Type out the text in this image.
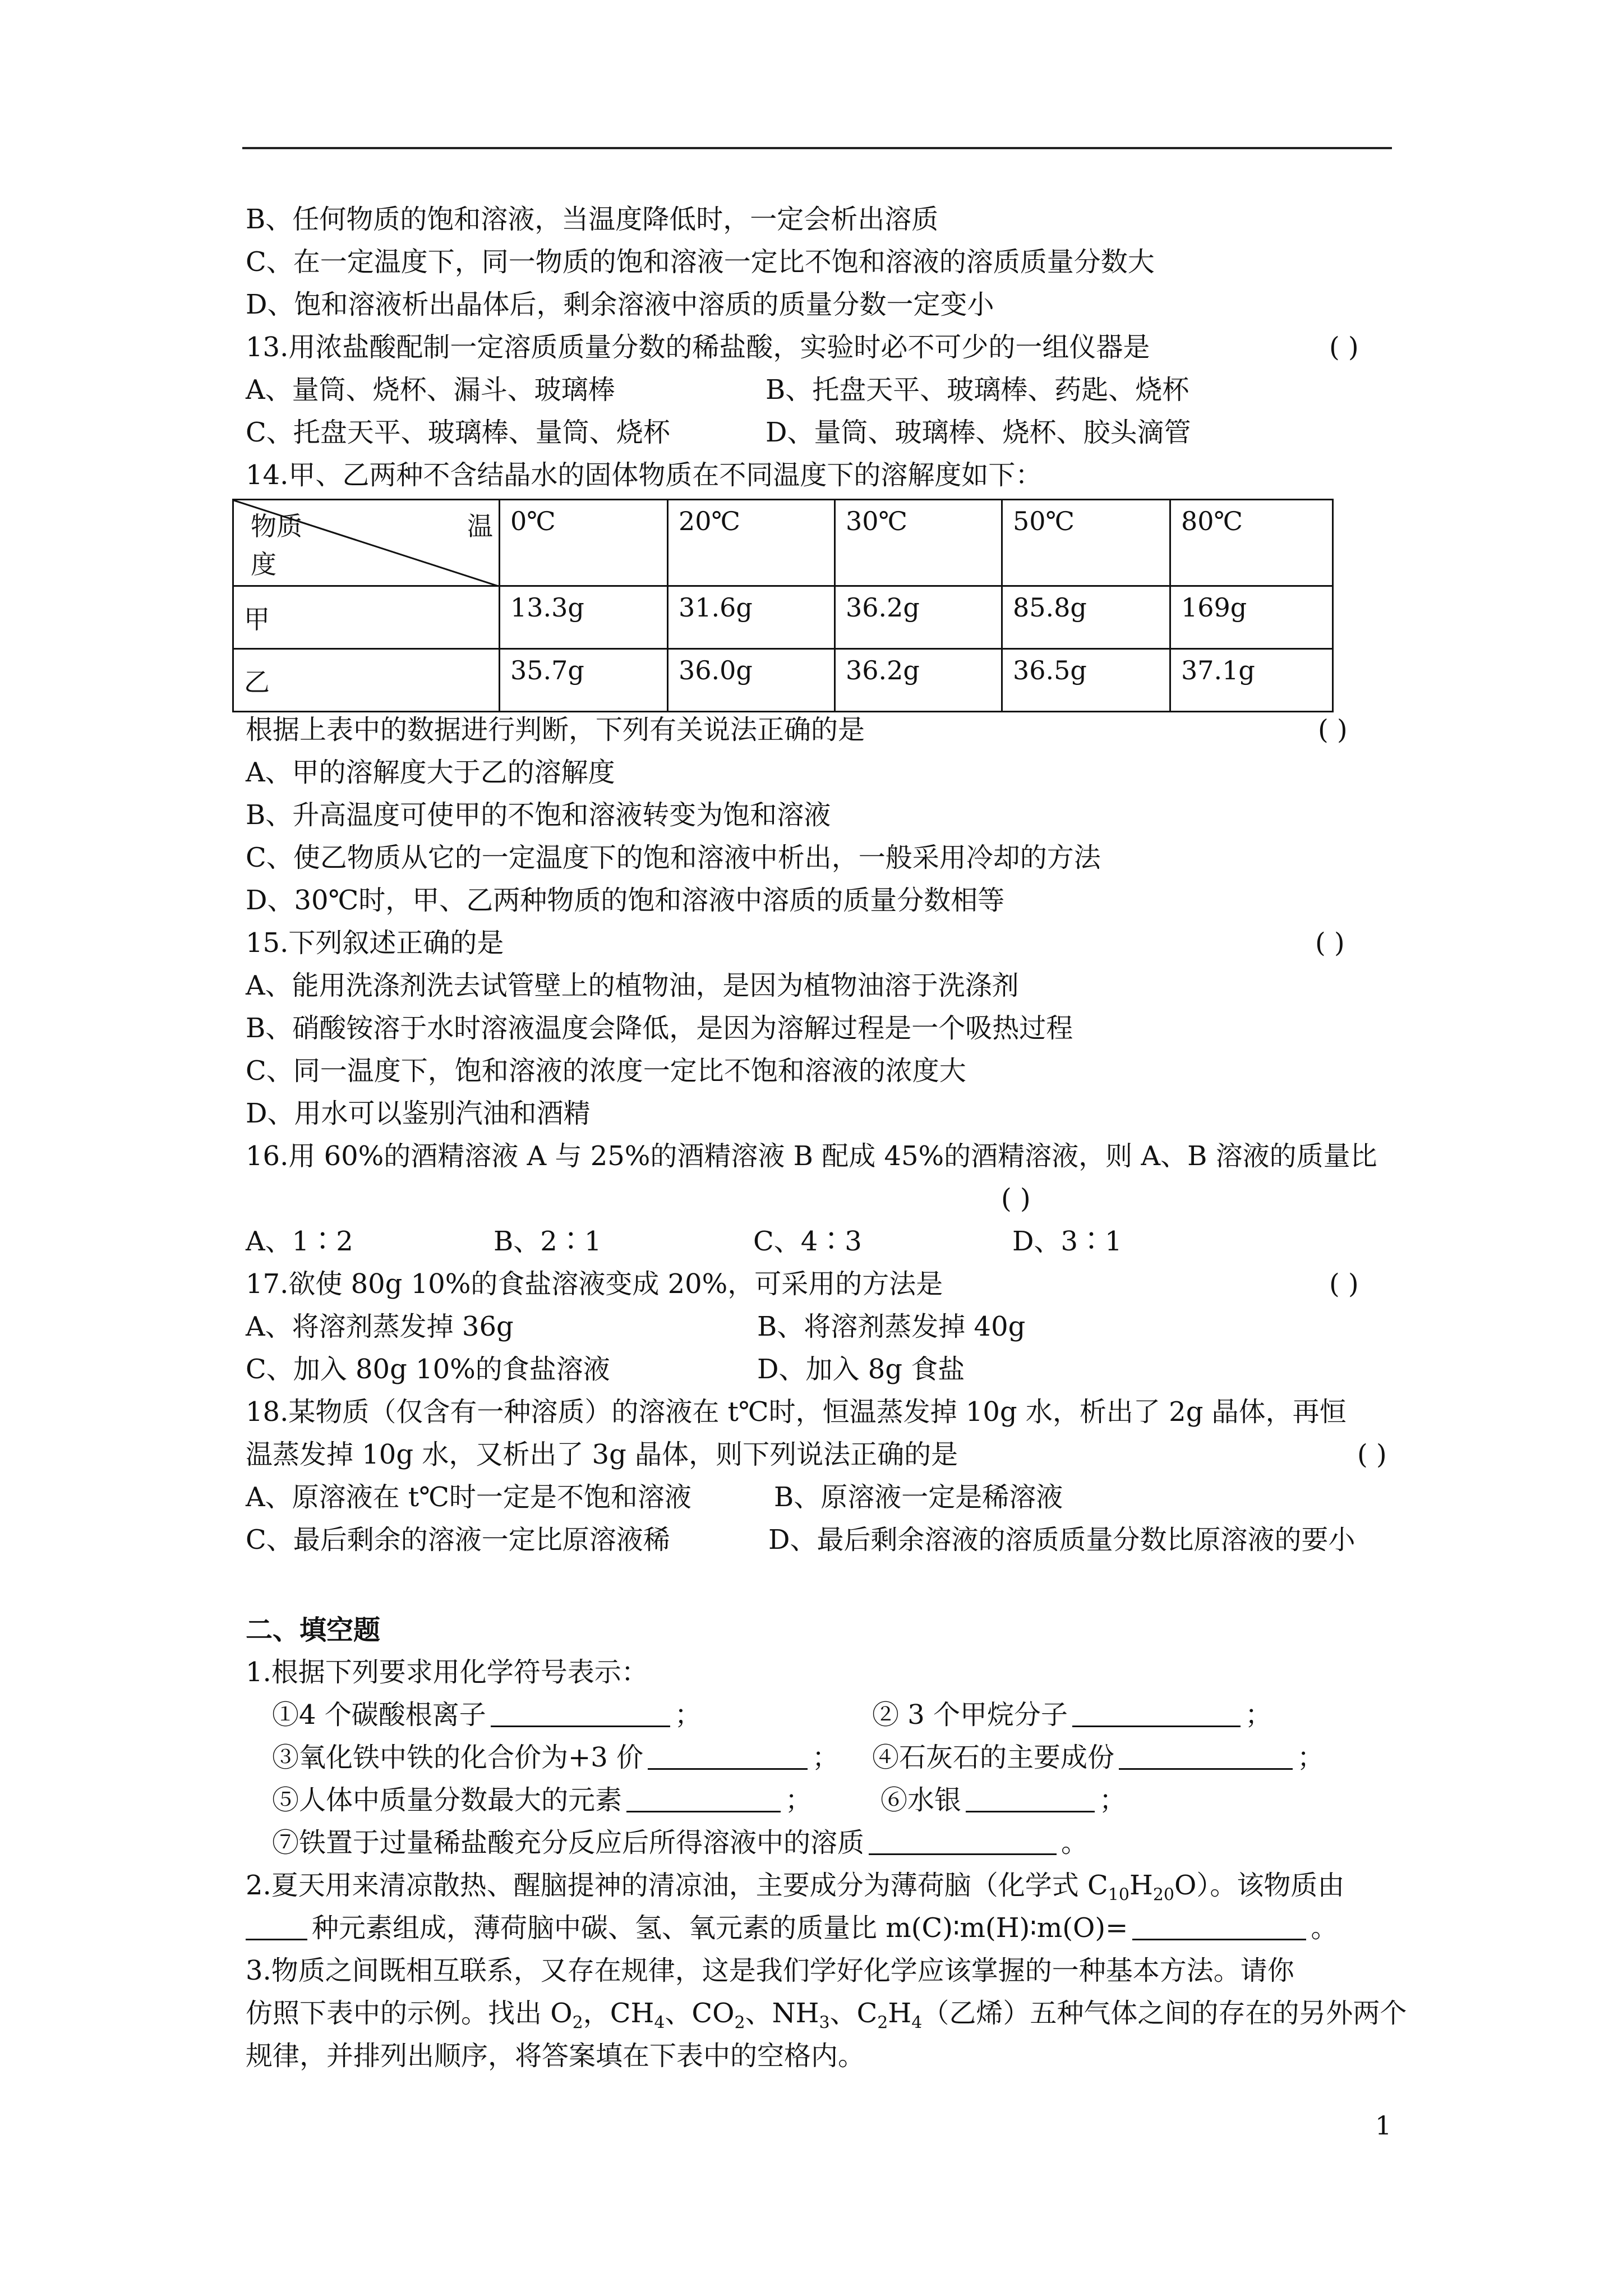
B、任何物质的饱和溶液，当温度降低时，一定会析出溶质
C、在一定温度下，同一物质的饱和溶液一定比不饱和溶液的溶质质量分数大
D、饱和溶液析出晶体后，剩余溶液中溶质的质量分数一定变小
13.用浓盐酸配制一定溶质质量分数的稀盐酸，实验时必不可少的一组仪器是	( )
A、量筒、烧杯、漏斗、玻璃棒	B、托盘天平、玻璃棒、药匙、烧杯
C、托盘天平、玻璃棒、量筒、烧杯	D、量筒、玻璃棒、烧杯、胶头滴管
14.甲、乙两种不含结晶水的固体物质在不同温度下的溶解度如下：
物质 温
度	0℃	20℃	30℃	50℃	80℃
甲	13.3g	31.6g	36.2g	85.8g	169g
乙	35.7g	36.0g	36.2g	36.5g	37.1g
根据上表中的数据进行判断，下列有关说法正确的是	( )
A、甲的溶解度大于乙的溶解度
B、升高温度可使甲的不饱和溶液转变为饱和溶液
C、使乙物质从它的一定温度下的饱和溶液中析出，一般采用冷却的方法
D、30℃时，甲、乙两种物质的饱和溶液中溶质的质量分数相等
15.下列叙述正确的是	( )
A、能用洗涤剂洗去试管壁上的植物油，是因为植物油溶于洗涤剂
B、硝酸铵溶于水时溶液温度会降低，是因为溶解过程是一个吸热过程
C、同一温度下，饱和溶液的浓度一定比不饱和溶液的浓度大
D、用水可以鉴别汽油和酒精
16.用 60%的酒精溶液 A 与 25%的酒精溶液 B 配成 45%的酒精溶液，则 A、B 溶液的质量比
( )
A、1∶2	B、2∶1	C、4∶3	D、3∶1
17.欲使 80g 10%的食盐溶液变成 20%，可采用的方法是	( )
A、将溶剂蒸发掉 36g	B、将溶剂蒸发掉 40g
C、加入 80g 10%的食盐溶液	D、加入 8g 食盐
18.某物质（仅含有一种溶质）的溶液在 t℃时，恒温蒸发掉 10g 水，析出了 2g 晶体，再恒
温蒸发掉 10g 水，又析出了 3g 晶体，则下列说法正确的是	( )
A、原溶液在 t℃时一定是不饱和溶液	B、原溶液一定是稀溶液
C、最后剩余的溶液一定比原溶液稀	D、最后剩余溶液的溶质质量分数比原溶液的要小
二、填空题
1.根据下列要求用化学符号表示：
①4 个碳酸根离子	；	② 3 个甲烷分子	；
③氧化铁中铁的化合价为+3 价	； ④石灰石的主要成份	；
⑤人体中质量分数最大的元素	；	⑥水银	；
⑦铁置于过量稀盐酸充分反应后所得溶液中的溶质	。
2.夏天用来清凉散热、醒脑提神的清凉油，主要成分为薄荷脑（化学式 $C_{10}H_{20}O$）。该物质由
种元素组成，薄荷脑中碳、氢、氧元素的质量比 m(C)∶m(H)∶m(O)=	。
3.物质之间既相互联系，又存在规律，这是我们学好化学应该掌握的一种基本方法。请你
仿照下表中的示例。找出 $O_2$，$CH_4$、$CO_2$、$NH_3$、$C_2H_4$（乙烯）五种气体之间的存在的另外两个
规律，并排列出顺序，将答案填在下表中的空格内。
1
